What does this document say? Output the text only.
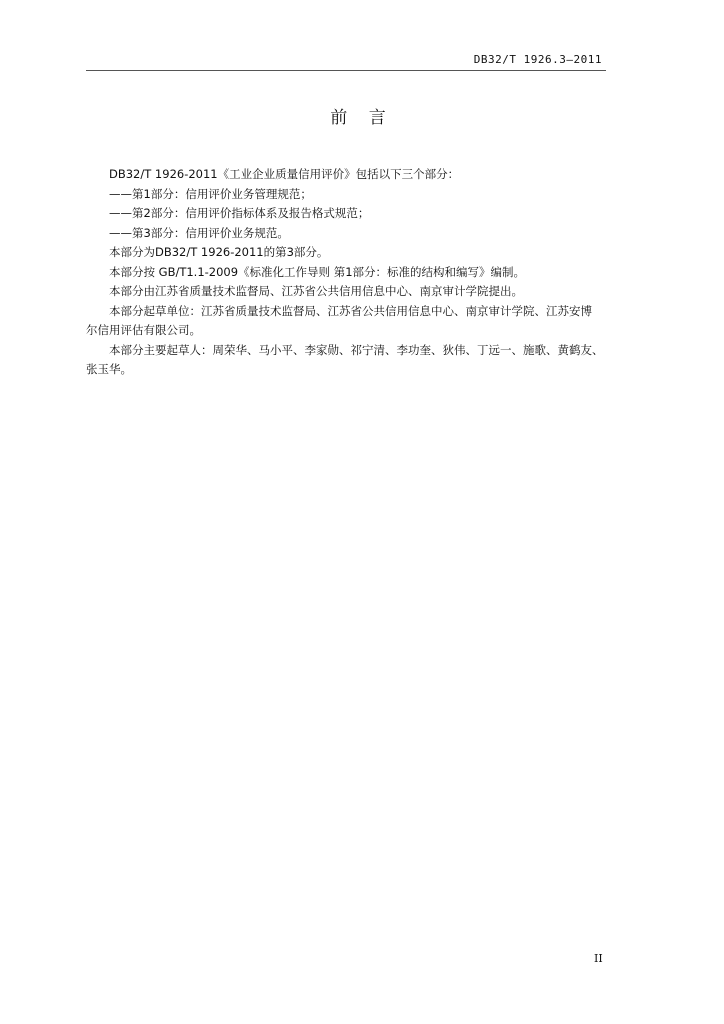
DB32/T 1926.3—2011
前 言

DB32/T 1926-2011《工业企业质量信用评价》包括以下三个部分：

——第1部分：信用评价业务管理规范；

——第2部分：信用评价指标体系及报告格式规范；

——第3部分：信用评价业务规范。

本部分为DB32/T 1926-2011的第3部分。

本部分按 GB/T1.1-2009《标准化工作导则 第1部分：标准的结构和编写》编制。

本部分由江苏省质量技术监督局、江苏省公共信用信息中心、南京审计学院提出。

本部分起草单位：江苏省质量技术监督局、江苏省公共信用信息中心、南京审计学院、江苏安博

尔信用评估有限公司。

本部分主要起草人：周荣华、马小平、李家勋、祁宁清、李功奎、狄伟、丁远一、施歌、黄鹤友、

张玉华。

II
